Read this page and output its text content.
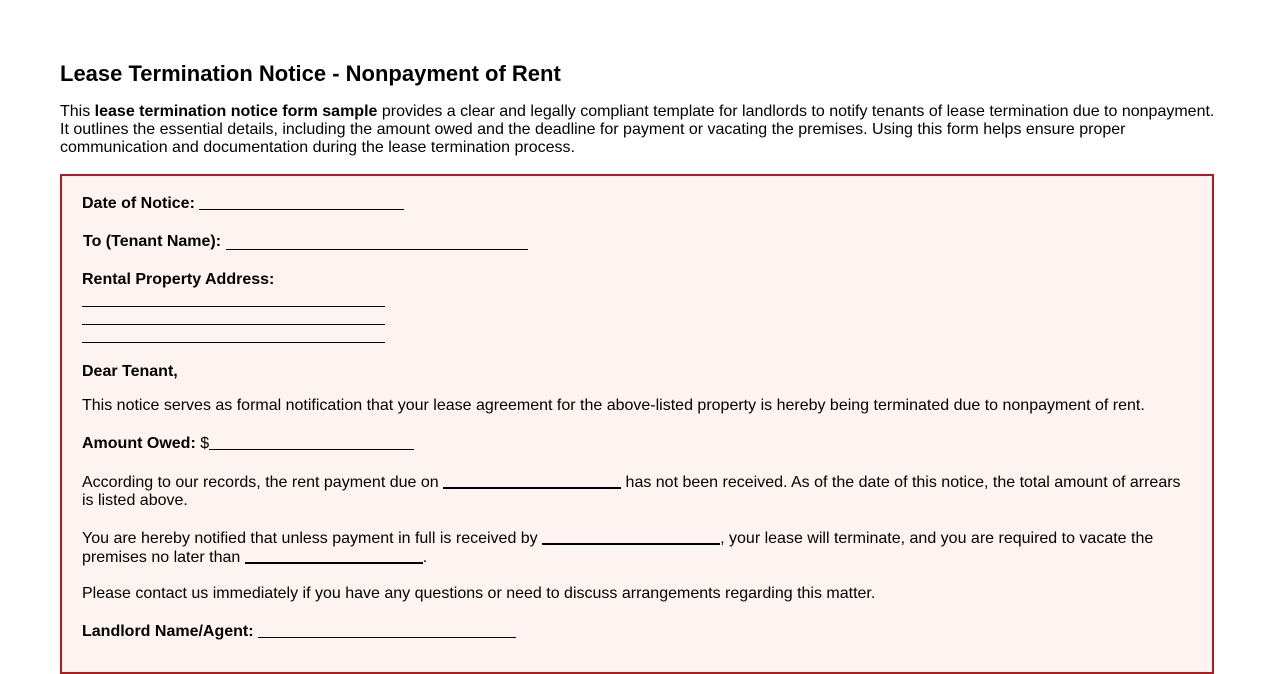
Lease Termination Notice - Nonpayment of Rent
This lease termination notice form sample provides a clear and legally compliant template for landlords to notify tenants of lease termination due to nonpayment.
It outlines the essential details, including the amount owed and the deadline for payment or vacating the premises. Using this form helps ensure proper
communication and documentation during the lease termination process.
Date of Notice:
To (Tenant Name):
Rental Property Address:
Dear Tenant,
This notice serves as formal notification that your lease agreement for the above-listed property is hereby being terminated due to nonpayment of rent.
Amount Owed: $
According to our records, the rent payment due on	has not been received. As of the date of this notice, the total amount of arrears
is listed above.
You are hereby notified that unless payment in full is received by	, your lease will terminate, and you are required to vacate the
premises no later than	.
Please contact us immediately if you have any questions or need to discuss arrangements regarding this matter.
Landlord Name/Agent:
